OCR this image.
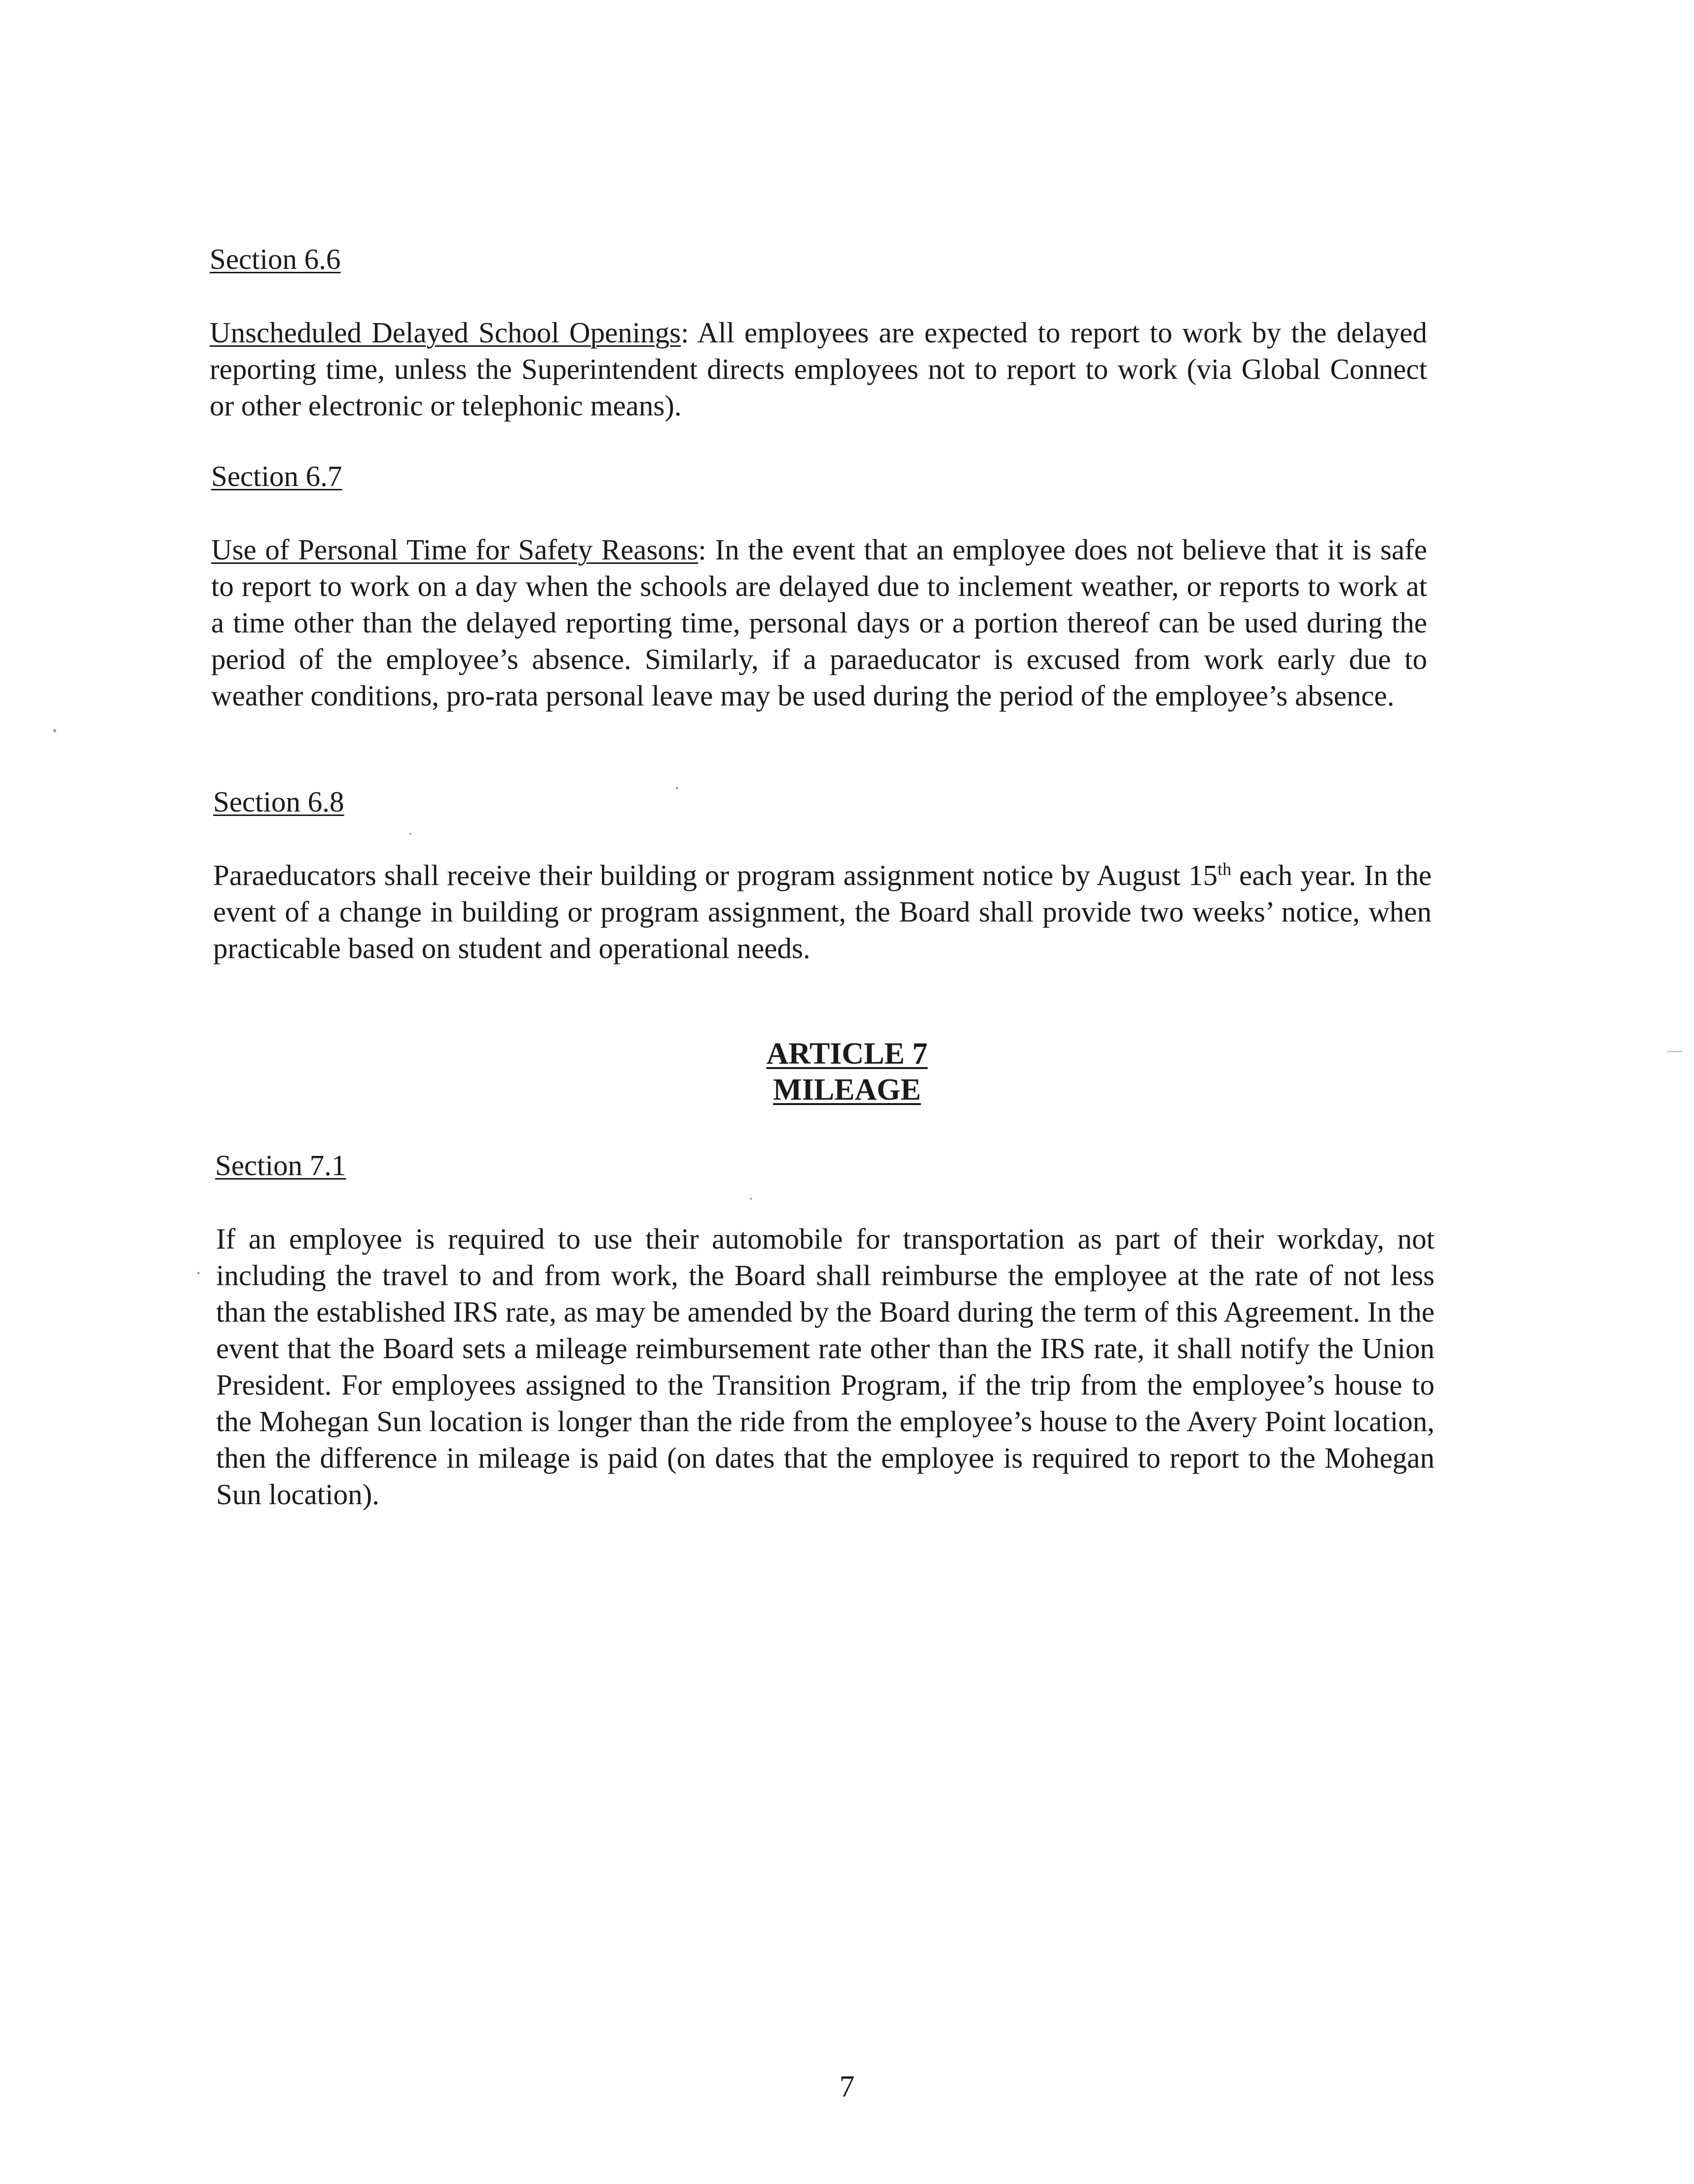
Section 6.6
Unscheduled Delayed School Openings: All employees are expected to report to work by the delayed reporting time, unless the Superintendent directs employees not to report to work (via Global Connect or other electronic or telephonic means).
Section 6.7
Use of Personal Time for Safety Reasons: In the event that an employee does not believe that it is safe to report to work on a day when the schools are delayed due to inclement weather, or reports to work at a time other than the delayed reporting time, personal days or a portion thereof can be used during the period of the employee’s absence. Similarly, if a paraeducator is excused from work early due to weather conditions, pro-rata personal leave may be used during the period of the employee’s absence.
Section 6.8
Paraeducators shall receive their building or program assignment notice by August 15th each year. In the event of a change in building or program assignment, the Board shall provide two weeks’ notice, when practicable based on student and operational needs.
ARTICLE 7
MILEAGE
Section 7.1
If an employee is required to use their automobile for transportation as part of their workday, not including the travel to and from work, the Board shall reimburse the employee at the rate of not less than the established IRS rate, as may be amended by the Board during the term of this Agreement. In the event that the Board sets a mileage reimbursement rate other than the IRS rate, it shall notify the Union President. For employees assigned to the Transition Program, if the trip from the employee’s house to the Mohegan Sun location is longer than the ride from the employee’s house to the Avery Point location, then the difference in mileage is paid (on dates that the employee is required to report to the Mohegan Sun location).
7
